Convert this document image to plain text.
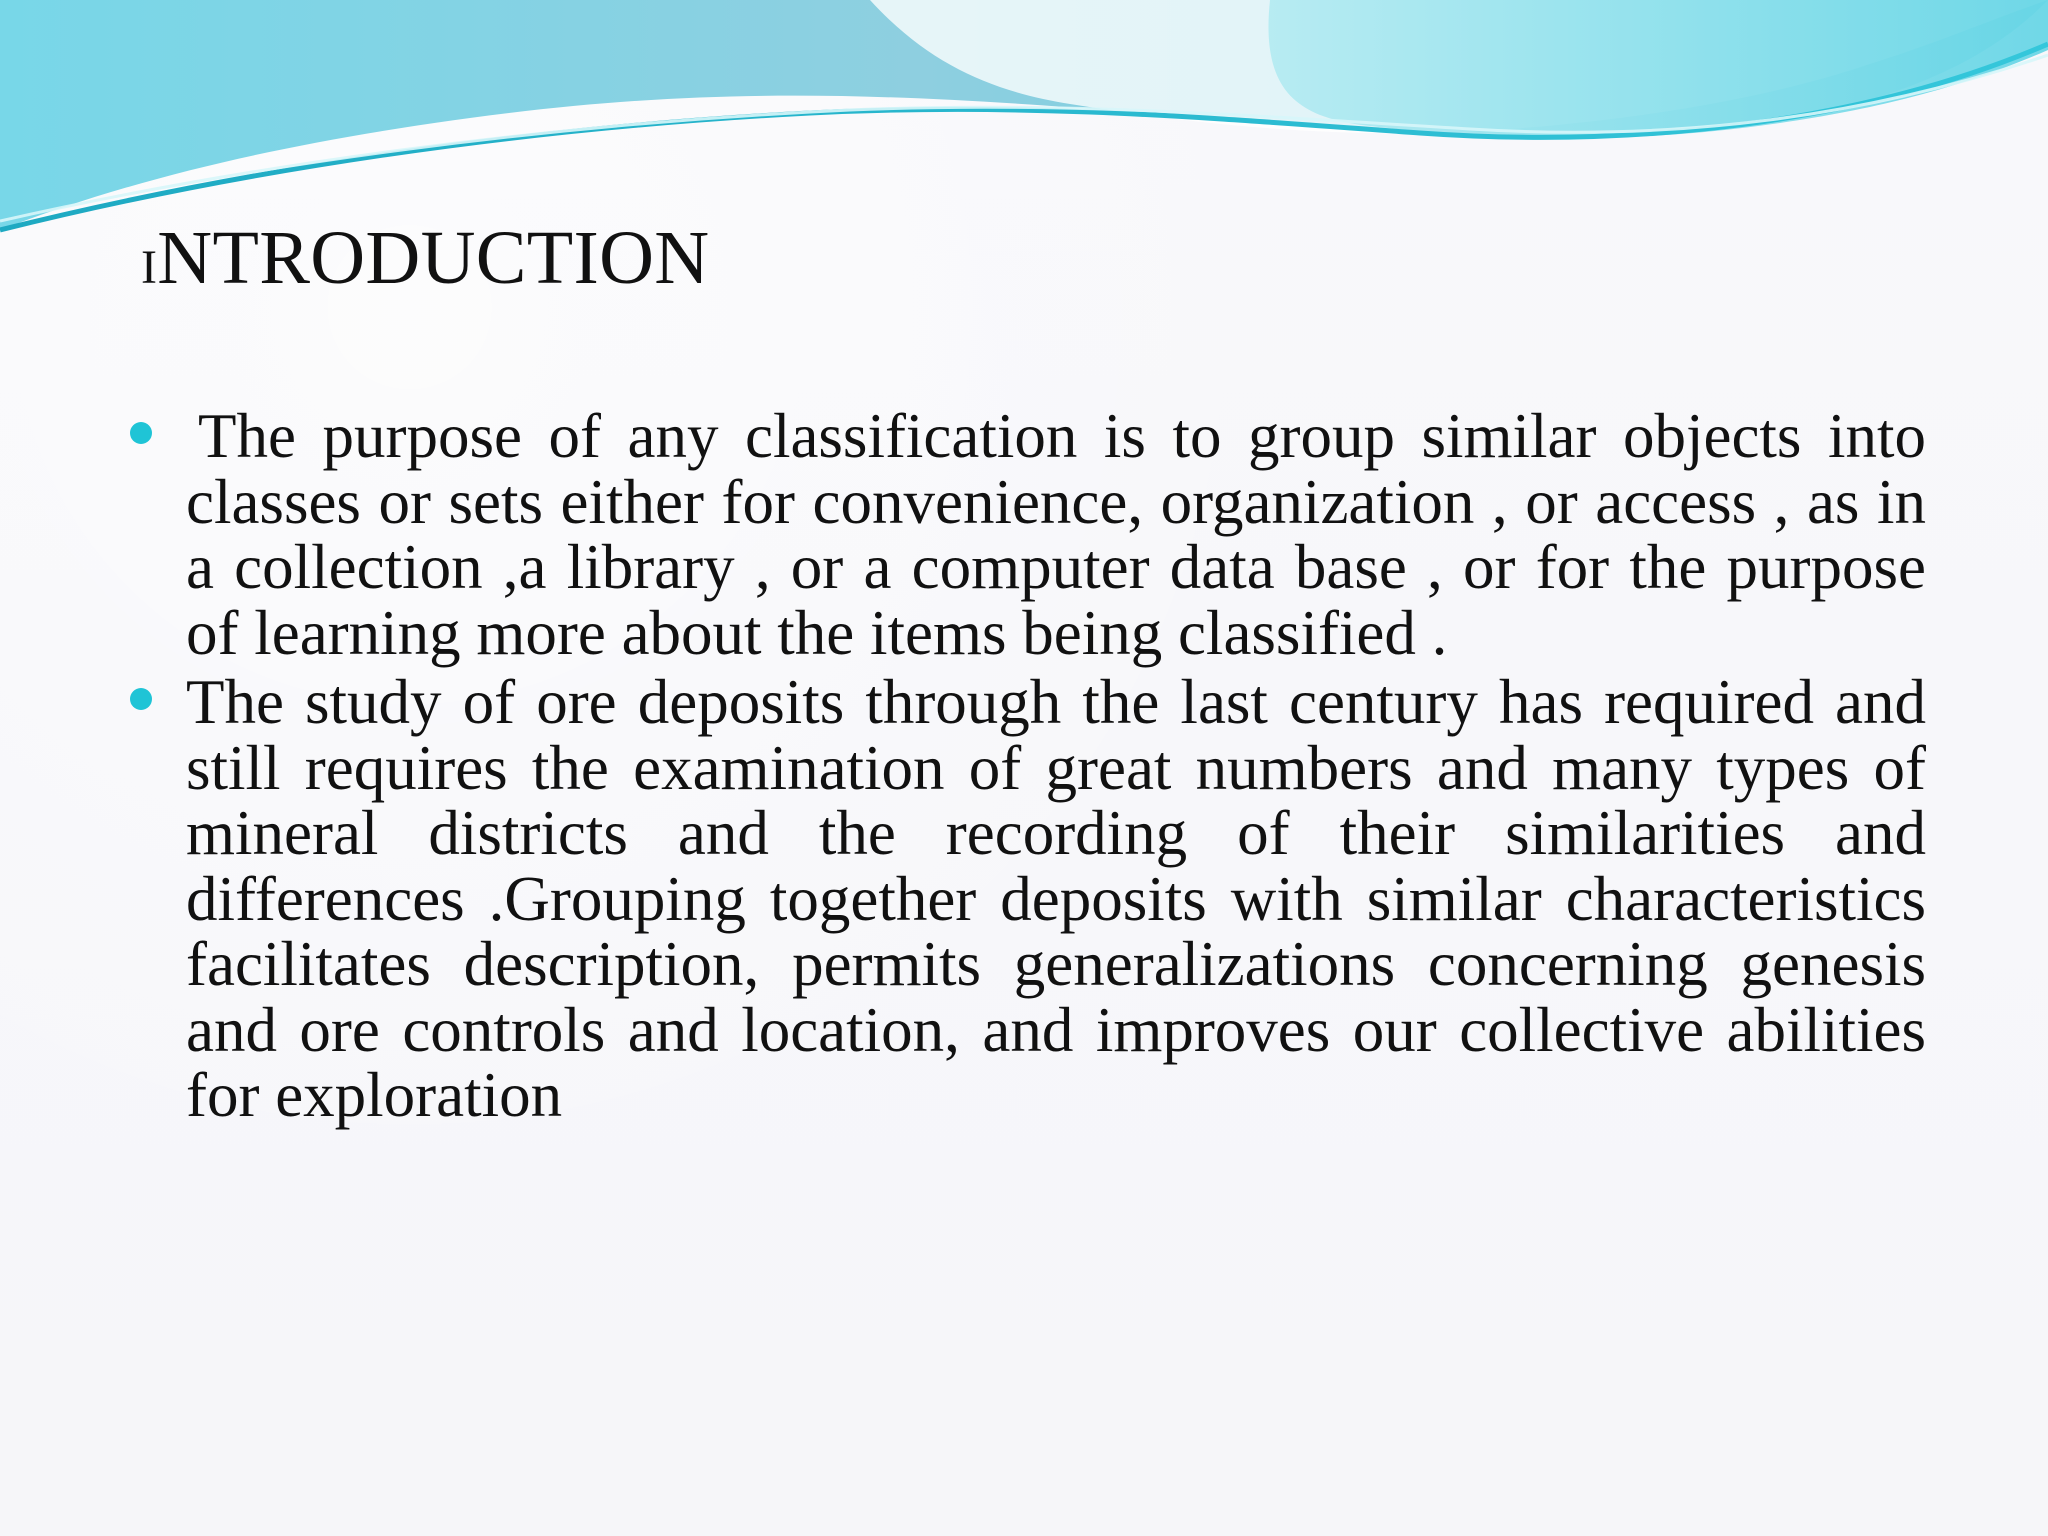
INTRODUCTION
The purpose of any classification is to group similar objects into classes or sets either for convenience, organization , or access , as in a collection ,a library , or a computer data base , or for the purpose of learning more about the items being classified .
The study of ore deposits through the last century has required and still requires the examination of great numbers and many types of mineral districts and the recording of their similarities and differences .Grouping together deposits with similar characteristics facilitates description, permits generalizations concerning genesis and ore controls and location, and improves our collective abilities for exploration
